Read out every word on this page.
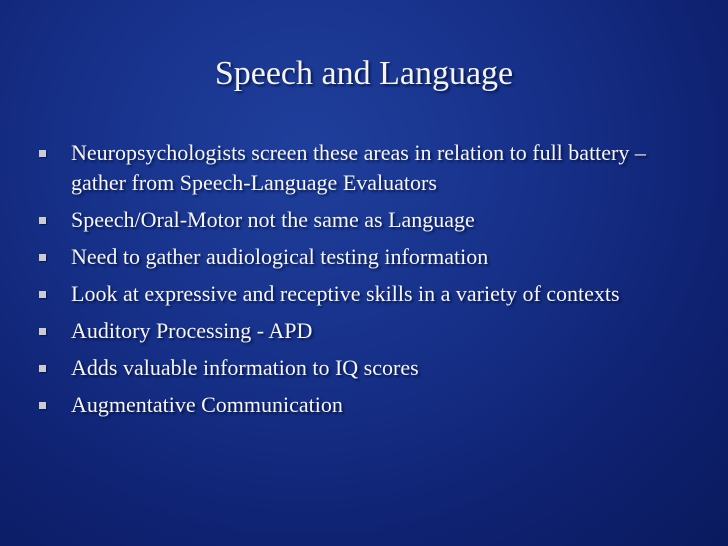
Speech and Language
Neuropsychologists screen these areas in relation to full battery – gather from Speech-Language Evaluators
Speech/Oral-Motor not the same as Language
Need to gather audiological testing information
Look at expressive and receptive skills in a variety of contexts
Auditory Processing - APD
Adds valuable information to IQ scores
Augmentative Communication
